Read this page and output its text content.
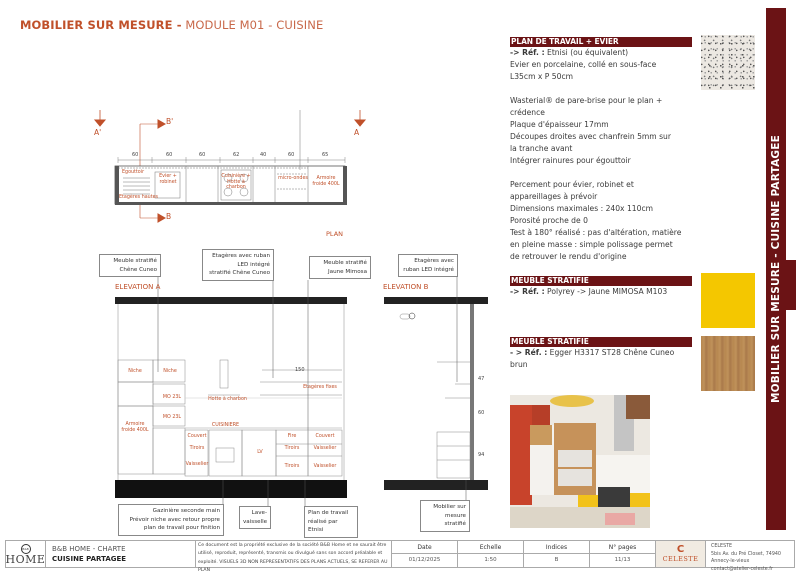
MOBILIER SUR MESURE - MODULE M01 - CUISINE
A'	A
B'
B
PLAN
60	60	60	62	40	60	65
Egouttoir
Evier + robinet
Etagères hautes
Cuisinière + Hotte à charbon
micro-ondes	Armoire froide 400L
Meuble stratifié
Chêne Cuneo
Etagères avec ruban
LED intégré
stratifié Chêne Cuneo
Meuble stratifié
Jaune Mimosa
ELEVATION A
Gazinière seconde main
Prévoir niche avec retour propre
plan de travail pour finition
Lave-
vaisselle
Plan de travail
réalisé par Etnisi
Niche	Niche
MO 23L
MO 23L
Armoire froide 400L
Hotte à charbon
CUISINIERE
Etagères fixes
Couvert
Tiroirs
Vaisselier
LV
Fire
Tiroirs
Tiroirs
Couvert
Vaisselier
Vaisselier
150
Etagères avec
ruban LED intégré
ELEVATION B
Mobilier sur
mesure
stratifié
47
60
94
PLAN DE TRAVAIL + EVIER
-> Réf. : Etnisi (ou équivalent)
Evier en porcelaine, collé en sous-face
L35cm x P 50cm
Wasterial® de pare-brise pour le plan +
crédence
Plaque d'épaisseur 17mm
Découpes droites avec chanfrein 5mm sur
la tranche avant
Intégrer rainures pour égouttoir
Percement pour évier, robinet et
appareillages à prévoir
Dimensions maximales : 240x 110cm
Porosité proche de 0
Test à 180° réalisé : pas d'altération, matière
en pleine masse : simple polissage permet
de retrouver le rendu d'origine
MEUBLE STRATIFIE
-> Réf. : Polyrey -> Jaune MIMOSA M103
MEUBLE STRATIFIE
- > Réf. : Egger H3317 ST28 Chêne Cuneo
brun	MOBILIER SUR MESURE - CUISINE PARTAGEE
B&B
HOME
B&B HOME - CHARTE
CUISINE PARTAGEE
Ce document est la propriété exclusive de la société B&B Home et ne saurait être
utilisé, reproduit, représenté, transmis ou divulgué sans son accord préalable et
exploité. VISUELS 3D NON REPRESENTATIFS DES PLANS ACTUELS, SE REFERER AU PLAN
Date
01/12/2025
Echelle
1:50
Indices
B
N° pages
11/13
C
CELESTE
CELESTE
5bis Av. du Pré Closet, 74940 Annecy-le-vieux
contact@atelier-celeste.fr
